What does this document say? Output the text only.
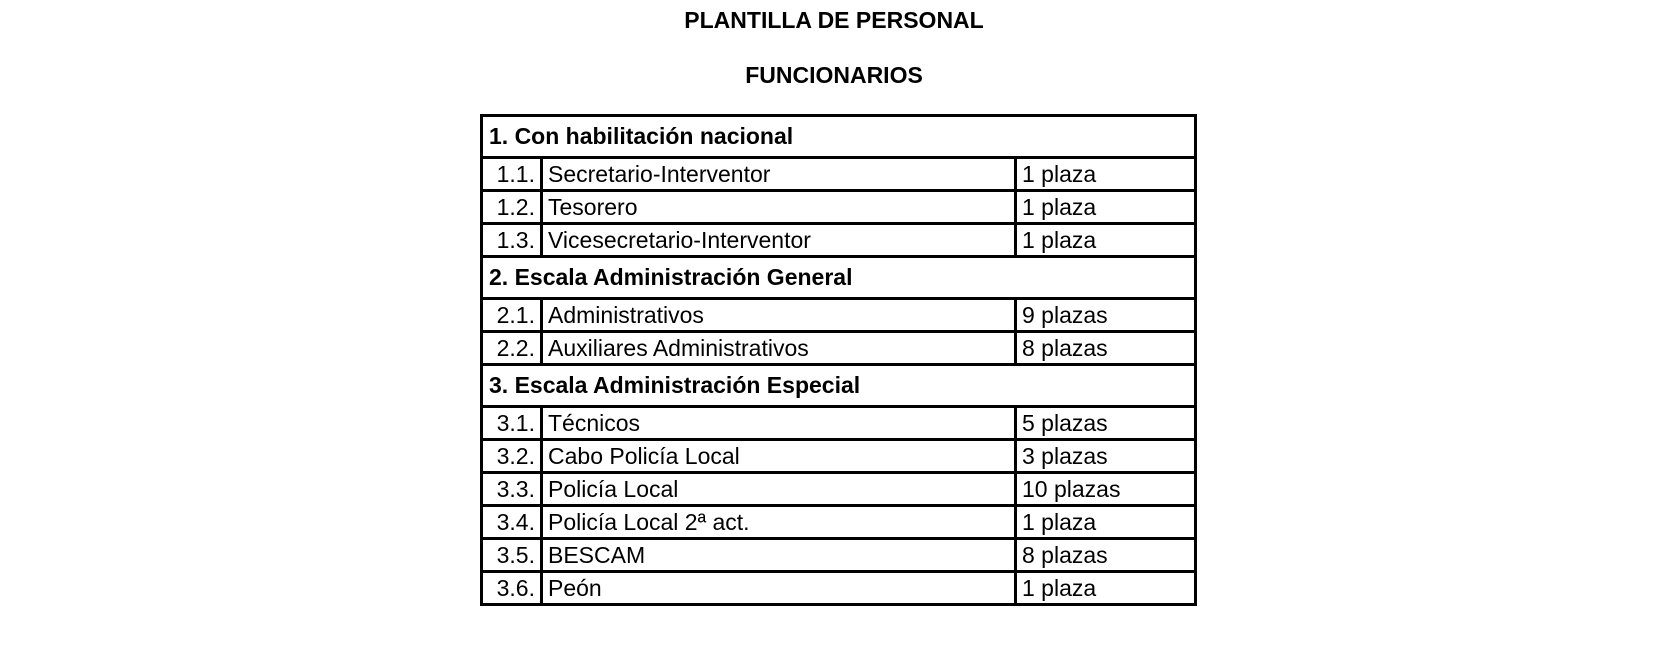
PLANTILLA DE PERSONAL
FUNCIONARIOS
1. Con habilitación nacional		
1.1.	Secretario-Interventor	1 plaza
1.2.	Tesorero	1 plaza
1.3.	Vicesecretario-Interventor	1 plaza
2. Escala Administración General		
2.1.	Administrativos	9 plazas
2.2.	Auxiliares Administrativos	8 plazas
3. Escala Administración Especial		
3.1.	Técnicos	5 plazas
3.2.	Cabo Policía Local	3 plazas
3.3.	Policía Local	10 plazas
3.4.	Policía Local 2ª act.	1 plaza
3.5.	BESCAM	8 plazas
3.6.	Peón	1 plaza
